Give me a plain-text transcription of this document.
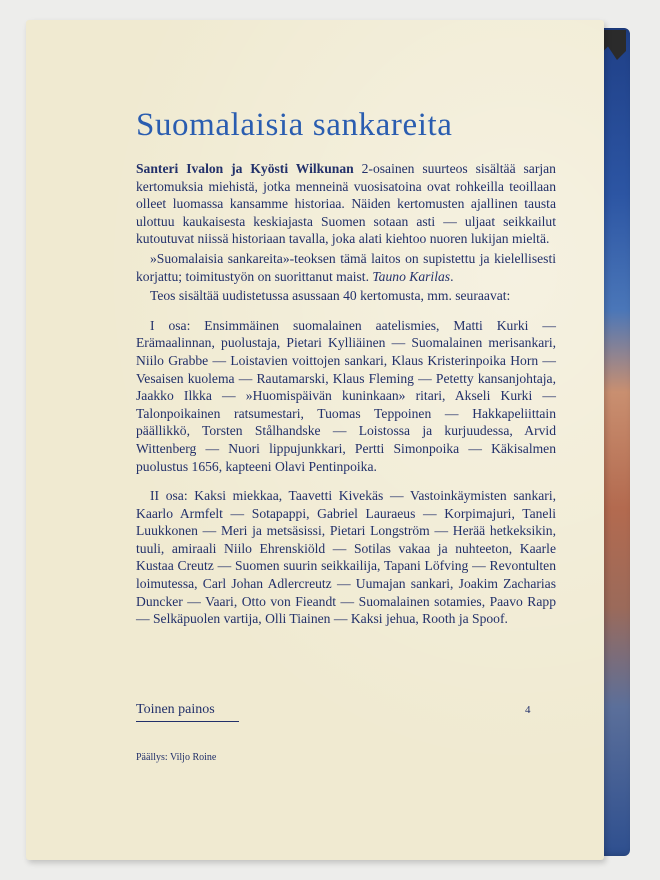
Suomalaisia sankareita

Santeri Ivalon ja Kyösti Wilkunan 2-osainen suurteos sisältää sarjan kertomuksia miehistä, jotka menneinä vuosisatoina ovat rohkeilla teoillaan olleet luomassa kansamme historiaa. Näiden kertomusten ajallinen tausta ulottuu kaukaisesta keskiajasta Suomen sotaan asti — uljaat seikkailut kutoutuvat niissä historiaan tavalla, joka alati kiehtoo nuoren lukijan mieltä.

»Suomalaisia sankareita»-teoksen tämä laitos on supistettu ja kielellisesti korjattu; toimitustyön on suorittanut maist. Tauno Karilas.

Teos sisältää uudistetussa asussaan 40 kertomusta, mm. seuraavat:

I osa: Ensimmäinen suomalainen aatelismies, Matti Kurki — Erämaalinnan, puolustaja, Pietari Kylliäinen — Suomalainen merisankari, Niilo Grabbe — Loistavien voittojen sankari, Klaus Kristerinpoika Horn — Vesaisen kuolema — Rautamarski, Klaus Fleming — Petetty kansanjohtaja, Jaakko Ilkka — »Huomispäivän kuninkaan» ritari, Akseli Kurki — Talonpoikainen ratsumestari, Tuomas Teppoinen — Hakkapeliittain päällikkö, Torsten Stålhandske — Loistossa ja kurjuudessa, Arvid Wittenberg — Nuori lippujunkkari, Pertti Simonpoika — Käkisalmen puolustus 1656, kapteeni Olavi Pentinpoika.

II osa: Kaksi miekkaa, Taavetti Kivekäs — Vastoinkäymisten sankari, Kaarlo Armfelt — Sotapappi, Gabriel Lauraeus — Korpimajuri, Taneli Luukkonen — Meri ja metsäsissi, Pietari Longström — Herää hetkeksikin, tuuli, amiraali Niilo Ehrenskiöld — Sotilas vakaa ja nuhteeton, Kaarle Kustaa Creutz — Suomen suurin seikkailija, Tapani Löfving — Revontulten loimutessa, Carl Johan Adlercreutz — Uumajan sankari, Joakim Zacharias Duncker — Vaari, Otto von Fieandt — Suomalainen sotamies, Paavo Rapp — Selkäpuolen vartija, Olli Tiainen — Kaksi jehua, Rooth ja Spoof.

Toinen painos	4
Päällys: Viljo Roine
